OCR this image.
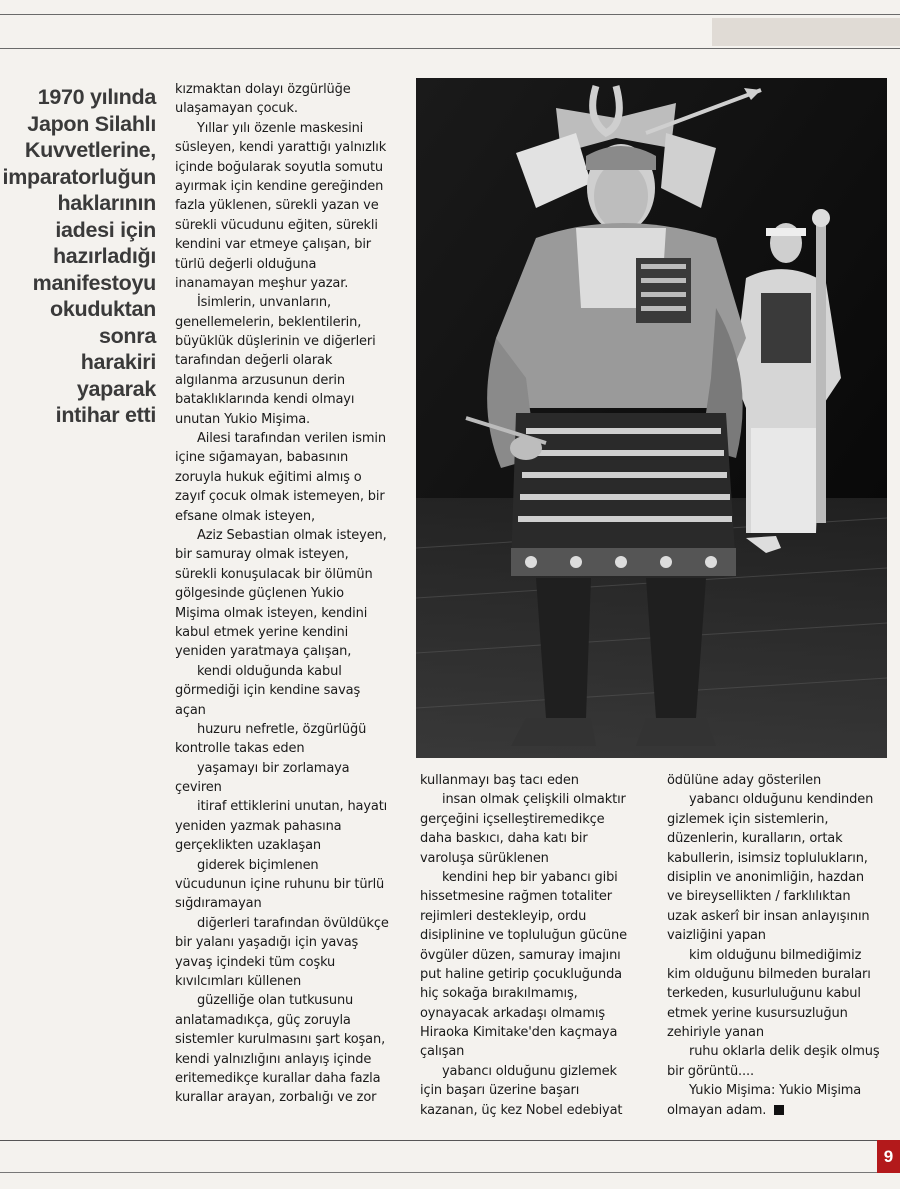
1970 yılında
Japon Silahlı
Kuvvetlerine,
imparatorluğun
haklarının
iadesi için
hazırladığı
manifestoyu
okuduktan
sonra
harakiri
yaparak
intihar etti
kızmaktan dolayı özgürlüğe
ulaşamayan çocuk.
Yıllar yılı özenle maskesini
süsleyen, kendi yarattığı yalnızlık
içinde boğularak soyutla somutu
ayırmak için kendine gereğinden
fazla yüklenen, sürekli yazan ve
sürekli vücudunu eğiten, sürekli
kendini var etmeye çalışan, bir
türlü değerli olduğuna
inanamayan meşhur yazar.
İsimlerin, unvanların,
genellemelerin, beklentilerin,
büyüklük düşlerinin ve diğerleri
tarafından değerli olarak
algılanma arzusunun derin
bataklıklarında kendi olmayı
unutan Yukio Mişima.
Ailesi tarafından verilen ismin
içine sığamayan, babasının
zoruyla hukuk eğitimi almış o
zayıf çocuk olmak istemeyen, bir
efsane olmak isteyen,
Aziz Sebastian olmak isteyen,
bir samuray olmak isteyen,
sürekli konuşulacak bir ölümün
gölgesinde güçlenen Yukio
Mişima olmak isteyen, kendini
kabul etmek yerine kendini
yeniden yaratmaya çalışan,
kendi olduğunda kabul
görmediği için kendine savaş
açan
huzuru nefretle, özgürlüğü
kontrolle takas eden
yaşamayı bir zorlamaya
çeviren
itiraf ettiklerini unutan, hayatı
yeniden yazmak pahasına
gerçeklikten uzaklaşan
giderek biçimlenen
vücudunun içine ruhunu bir türlü
sığdıramayan
diğerleri tarafından övüldükçe
bir yalanı yaşadığı için yavaş
yavaş içindeki tüm coşku
kıvılcımları küllenen
güzelliğe olan tutkusunu
anlatamadıkça, güç zoruyla
sistemler kurulmasını şart koşan,
kendi yalnızlığını anlayış içinde
eritemedikçe kurallar daha fazla
kurallar arayan, zorbalığı ve zor
kullanmayı baş tacı eden
insan olmak çelişkili olmaktır
gerçeğini içselleştiremedikçe
daha baskıcı, daha katı bir
varoluşa sürüklenen
kendini hep bir yabancı gibi
hissetmesine rağmen totaliter
rejimleri destekleyip, ordu
disiplinine ve topluluğun gücüne
övgüler düzen, samuray imajını
put haline getirip çocukluğunda
hiç sokağa bırakılmamış,
oynayacak arkadaşı olmamış
Hiraoka Kimitake'den kaçmaya
çalışan
yabancı olduğunu gizlemek
için başarı üzerine başarı
kazanan, üç kez Nobel edebiyat
ödülüne aday gösterilen
yabancı olduğunu kendinden
gizlemek için sistemlerin,
düzenlerin, kuralların, ortak
kabullerin, isimsiz toplulukların,
disiplin ve anonimliğin, hazdan
ve bireysellikten / farklılıktan
uzak askerî bir insan anlayışının
vaizliğini yapan
kim olduğunu bilmediğimiz
kim olduğunu bilmeden buraları
terkeden, kusurluluğunu kabul
etmek yerine kusursuzluğun
zehiriyle yanan
ruhu oklarla delik deşik olmuş
bir görüntü....
Yukio Mişima: Yukio Mişima
olmayan adam.
9
